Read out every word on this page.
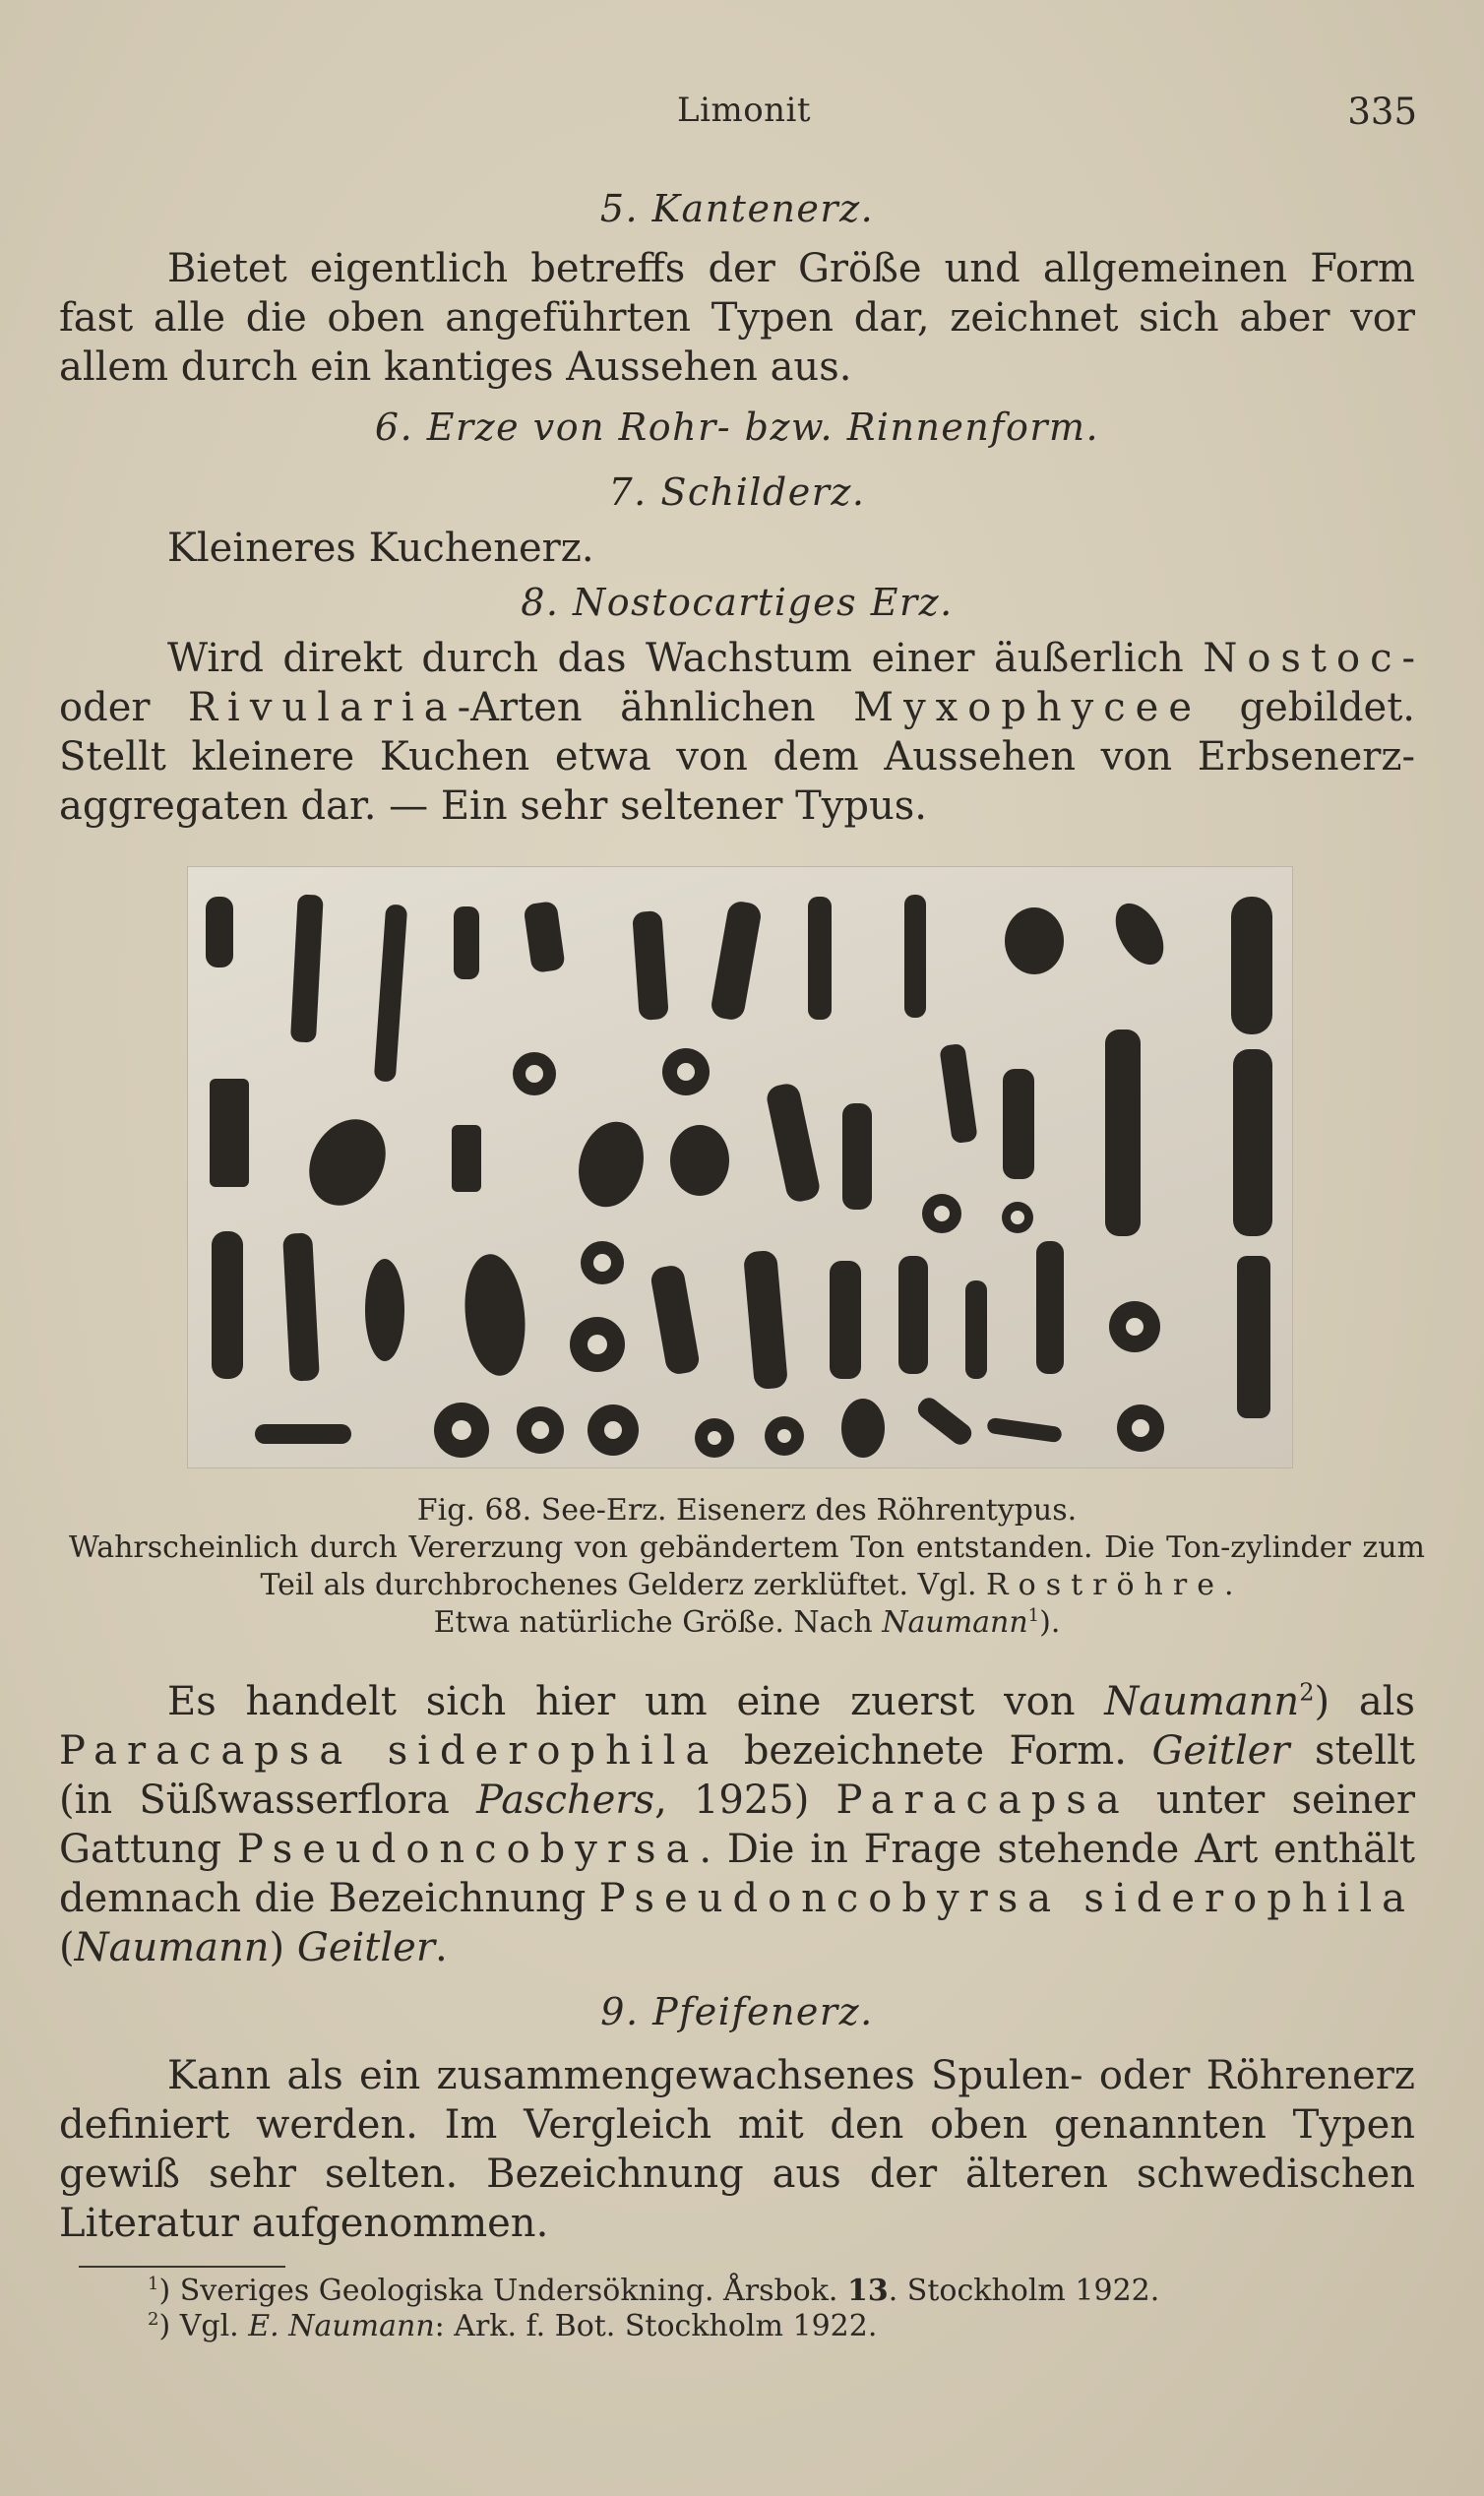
Limonit	335
5. Kantenerz.
Bietet eigentlich betreffs der Größe und allgemeinen Form fast alle die oben angeführten Typen dar, zeichnet sich aber vor allem durch ein kantiges Aussehen aus.
6. Erze von Rohr- bzw. Rinnenform.
7. Schilderz.
Kleineres Kuchenerz.
8. Nostocartiges Erz.
Wird direkt durch das Wachstum einer äußerlich Nostoc-oder Rivularia-Arten ähnlichen Myxophycee gebildet. Stellt kleinere Kuchen etwa von dem Aussehen von Erbsenerz-aggregaten dar. — Ein sehr seltener Typus.
Fig. 68. See-Erz. Eisenerz des Röhrentypus.
Wahrscheinlich durch Vererzung von gebändertem Ton entstanden. Die Ton-zylinder zum Teil als durchbrochenes Gelderz zerklüftet. Vgl. Roströhre.
Etwa natürliche Größe. Nach Naumann$^1$).
Es handelt sich hier um eine zuerst von Naumann$^2$) als Paracapsa siderophila bezeichnete Form. Geitler stellt (in Süßwasserflora Paschers, 1925) Paracapsa unter seiner Gattung Pseudoncobyrsa. Die in Frage stehende Art enthält demnach die Bezeichnung Pseudoncobyrsa siderophila (Naumann) Geitler.
9. Pfeifenerz.
Kann als ein zusammengewachsenes Spulen- oder Röhrenerz definiert werden. Im Vergleich mit den oben genannten Typen gewiß sehr selten. Bezeichnung aus der älteren schwedischen Literatur aufgenommen.
$^1$) Sveriges Geologiska Undersökning. Årsbok. 13. Stockholm 1922.
$^2$) Vgl. E. Naumann: Ark. f. Bot. Stockholm 1922.
